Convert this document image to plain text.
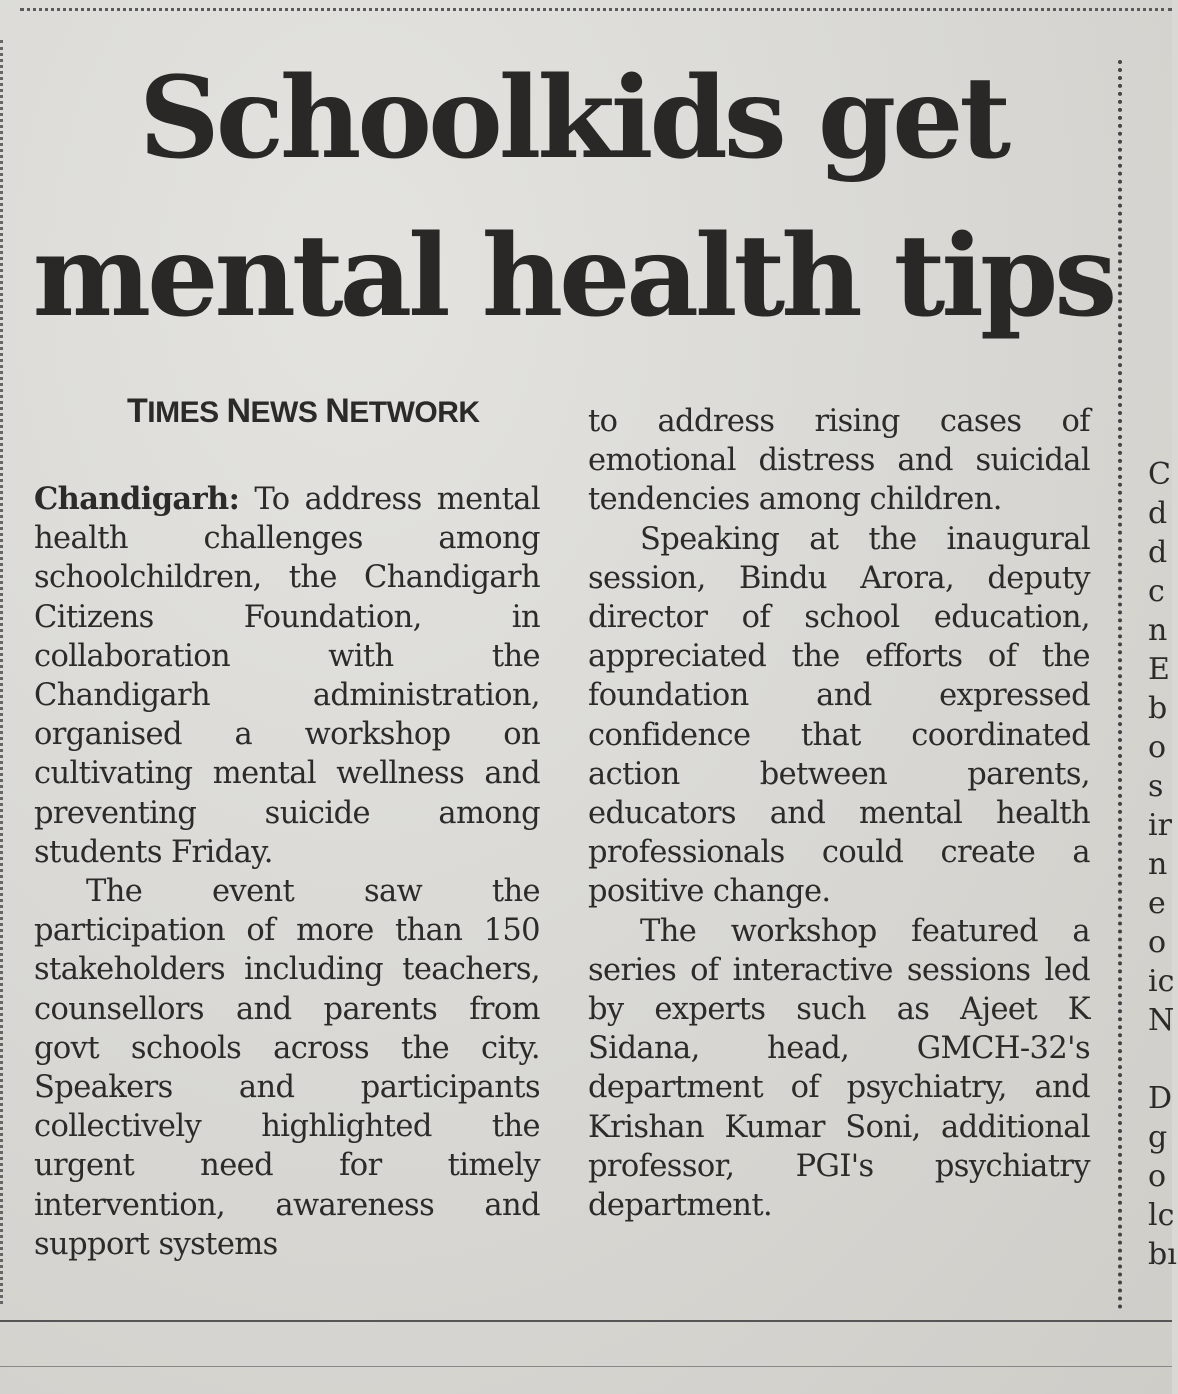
Schoolkids get mental health tips
TIMES NEWS NETWORK

Chandigarh: To address mental health challenges among schoolchildren, the Chandigarh Citizens Foundation, in collaboration with the Chandigarh administration, organised a workshop on cultivating mental wellness and preventing suicide among students Friday.

The event saw the participation of more than 150 stakeholders including teachers, counsellors and parents from govt schools across the city. Speakers and participants collectively highlighted the urgent need for timely intervention, awareness and support systems

to address rising cases of emotional distress and suicidal tendencies among children.

Speaking at the inaugural session, Bindu Arora, deputy director of school education, appreciated the efforts of the foundation and expressed confidence that coordinated action between parents, educators and mental health professionals could create a positive change.

The workshop featured a series of interactive sessions led by experts such as Ajeet K Sidana, head, GMCH-32's department of psychiatry, and Krishan Kumar Soni, additional professor, PGI's psychiatry department.

C
d
d
c
n
E
b
o
s
ir
n
e
o
ic
N
D
g
o
lc
bı
